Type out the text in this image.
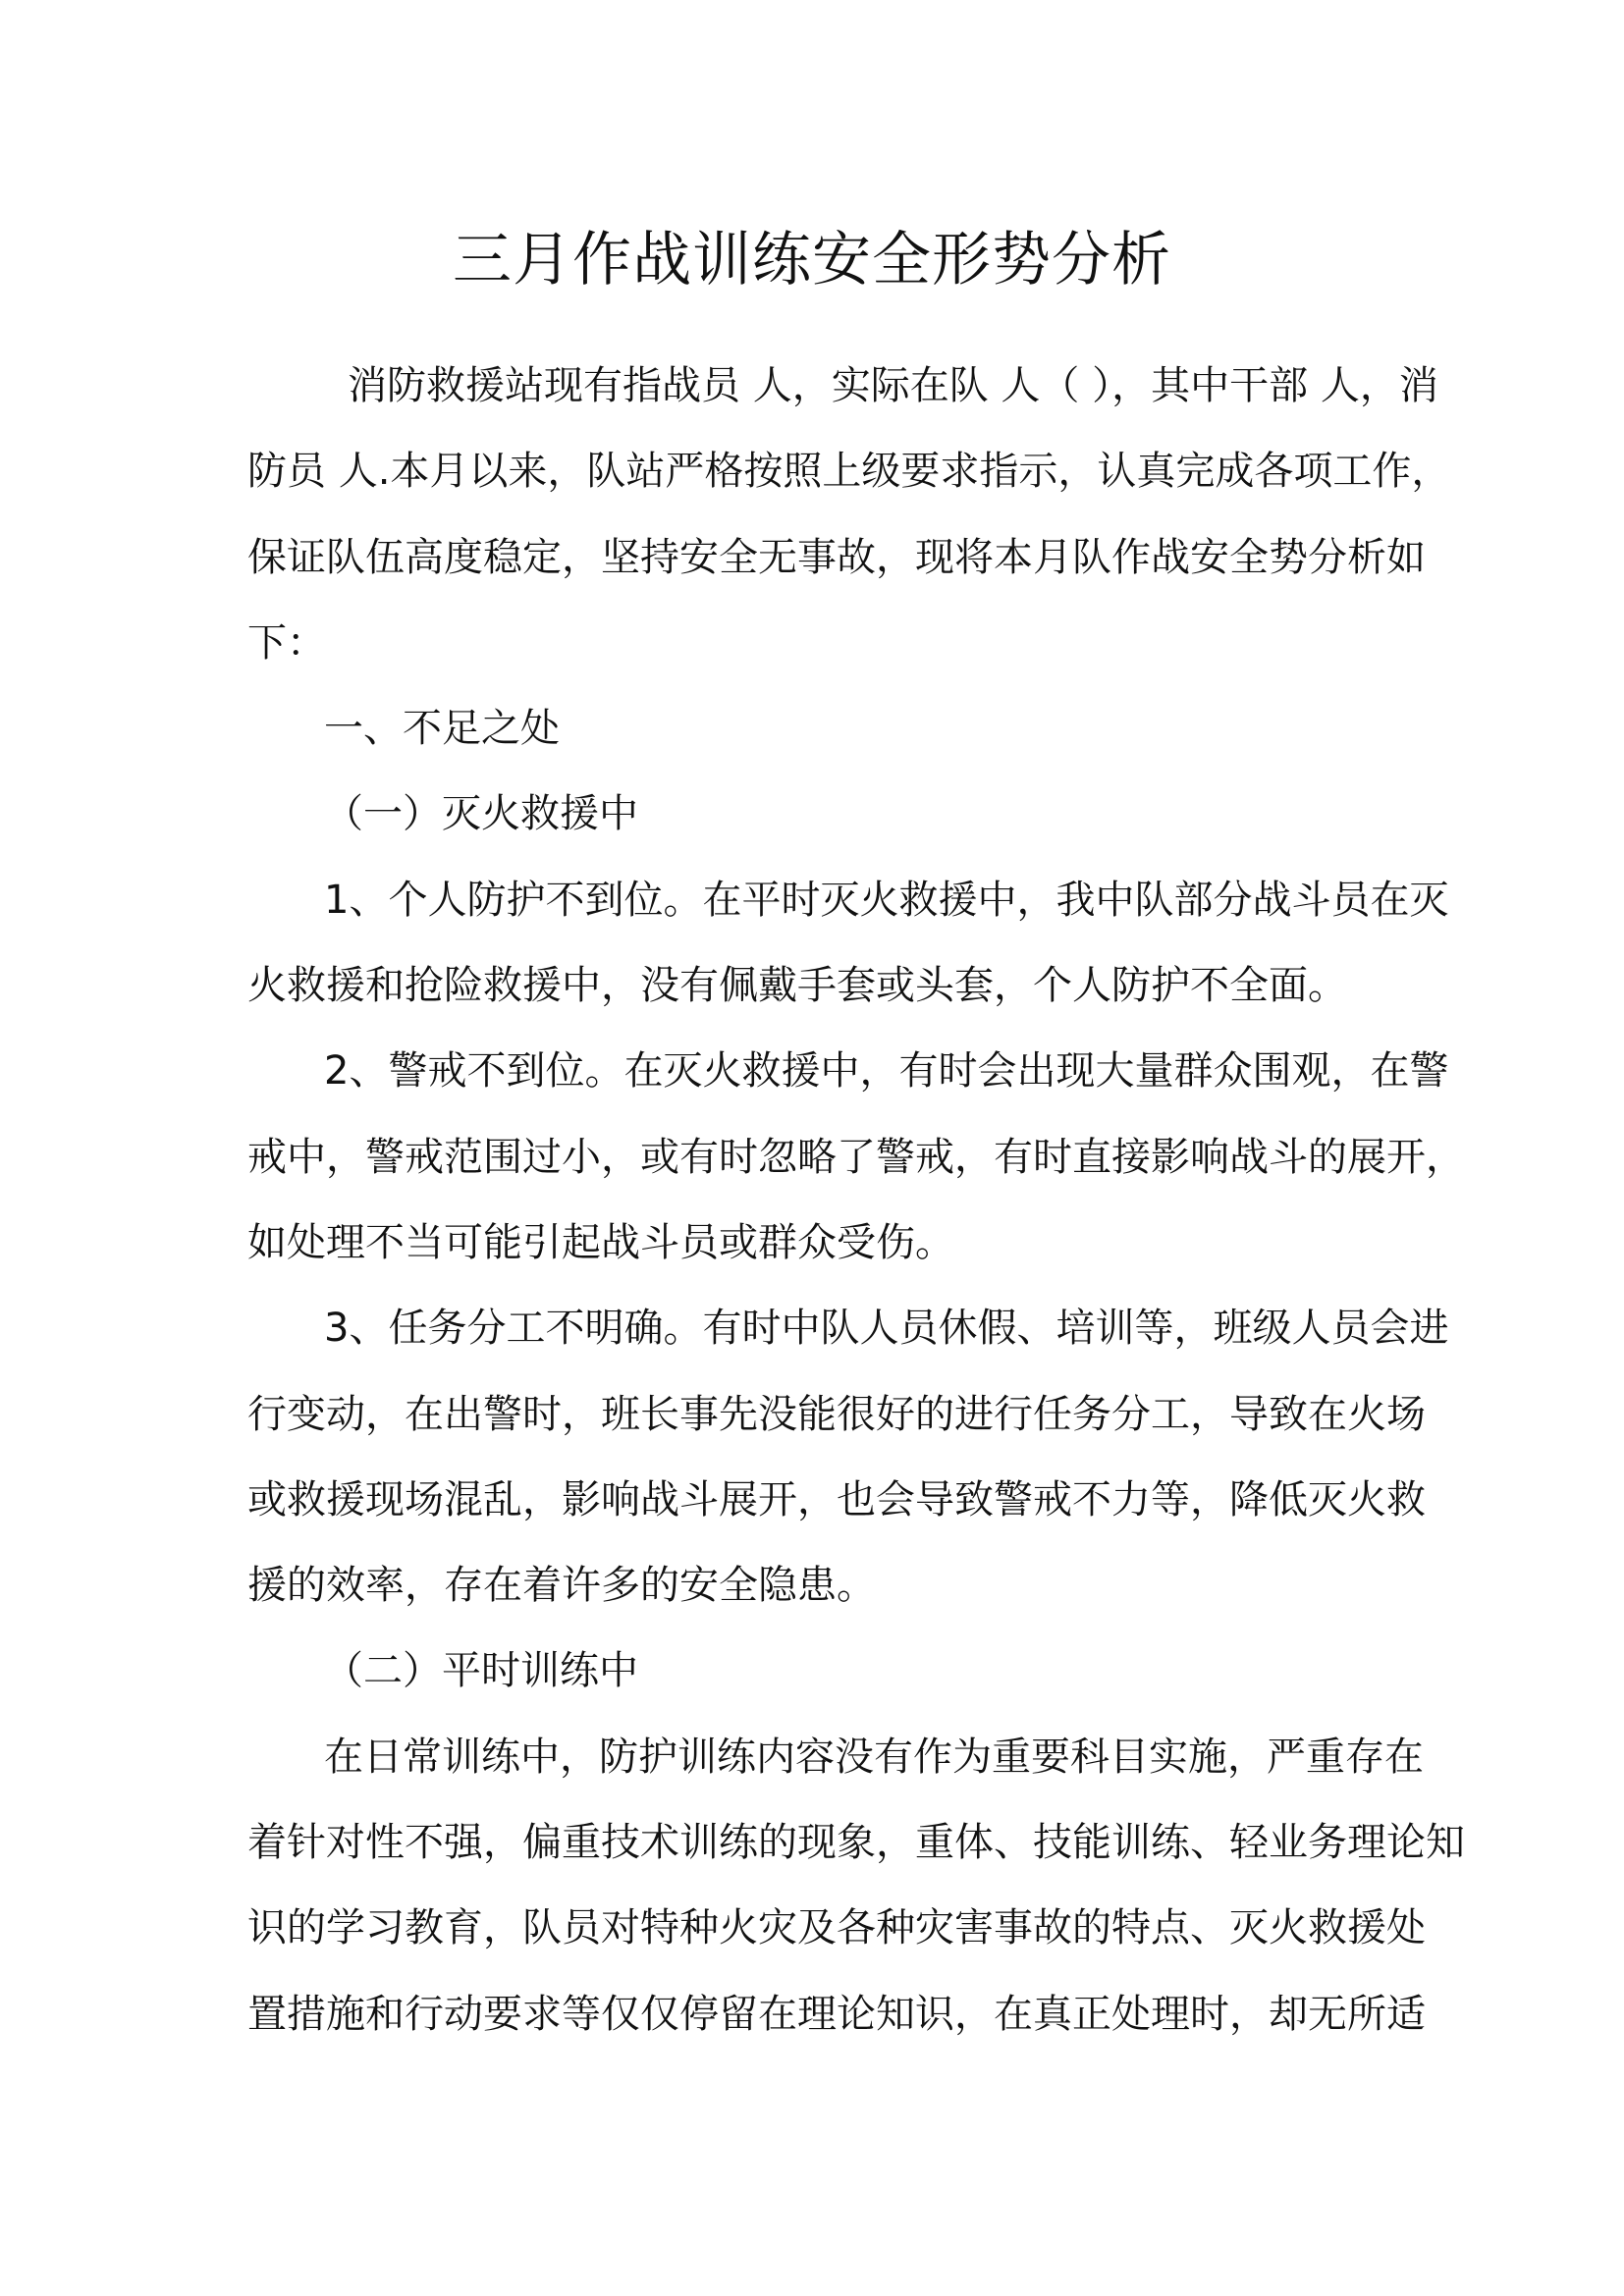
三月作战训练安全形势分析
消防救援站现有指战员 人，实际在队 人（ ），其中干部 人，消
防员 人.本月以来，队站严格按照上级要求指示，认真完成各项工作，
保证队伍高度稳定，坚持安全无事故，现将本月队作战安全势分析如
下：
一、不足之处
（一）灭火救援中
1、个人防护不到位。在平时灭火救援中，我中队部分战斗员在灭
火救援和抢险救援中，没有佩戴手套或头套，个人防护不全面。
2、警戒不到位。在灭火救援中，有时会出现大量群众围观，在警
戒中，警戒范围过小，或有时忽略了警戒，有时直接影响战斗的展开，
如处理不当可能引起战斗员或群众受伤。
3、任务分工不明确。有时中队人员休假、培训等，班级人员会进
行变动，在出警时，班长事先没能很好的进行任务分工，导致在火场
或救援现场混乱，影响战斗展开，也会导致警戒不力等，降低灭火救
援的效率，存在着许多的安全隐患。
（二）平时训练中
在日常训练中，防护训练内容没有作为重要科目实施，严重存在
着针对性不强，偏重技术训练的现象，重体、技能训练、轻业务理论知
识的学习教育，队员对特种火灾及各种灾害事故的特点、灭火救援处
置措施和行动要求等仅仅停留在理论知识，在真正处理时，却无所适
